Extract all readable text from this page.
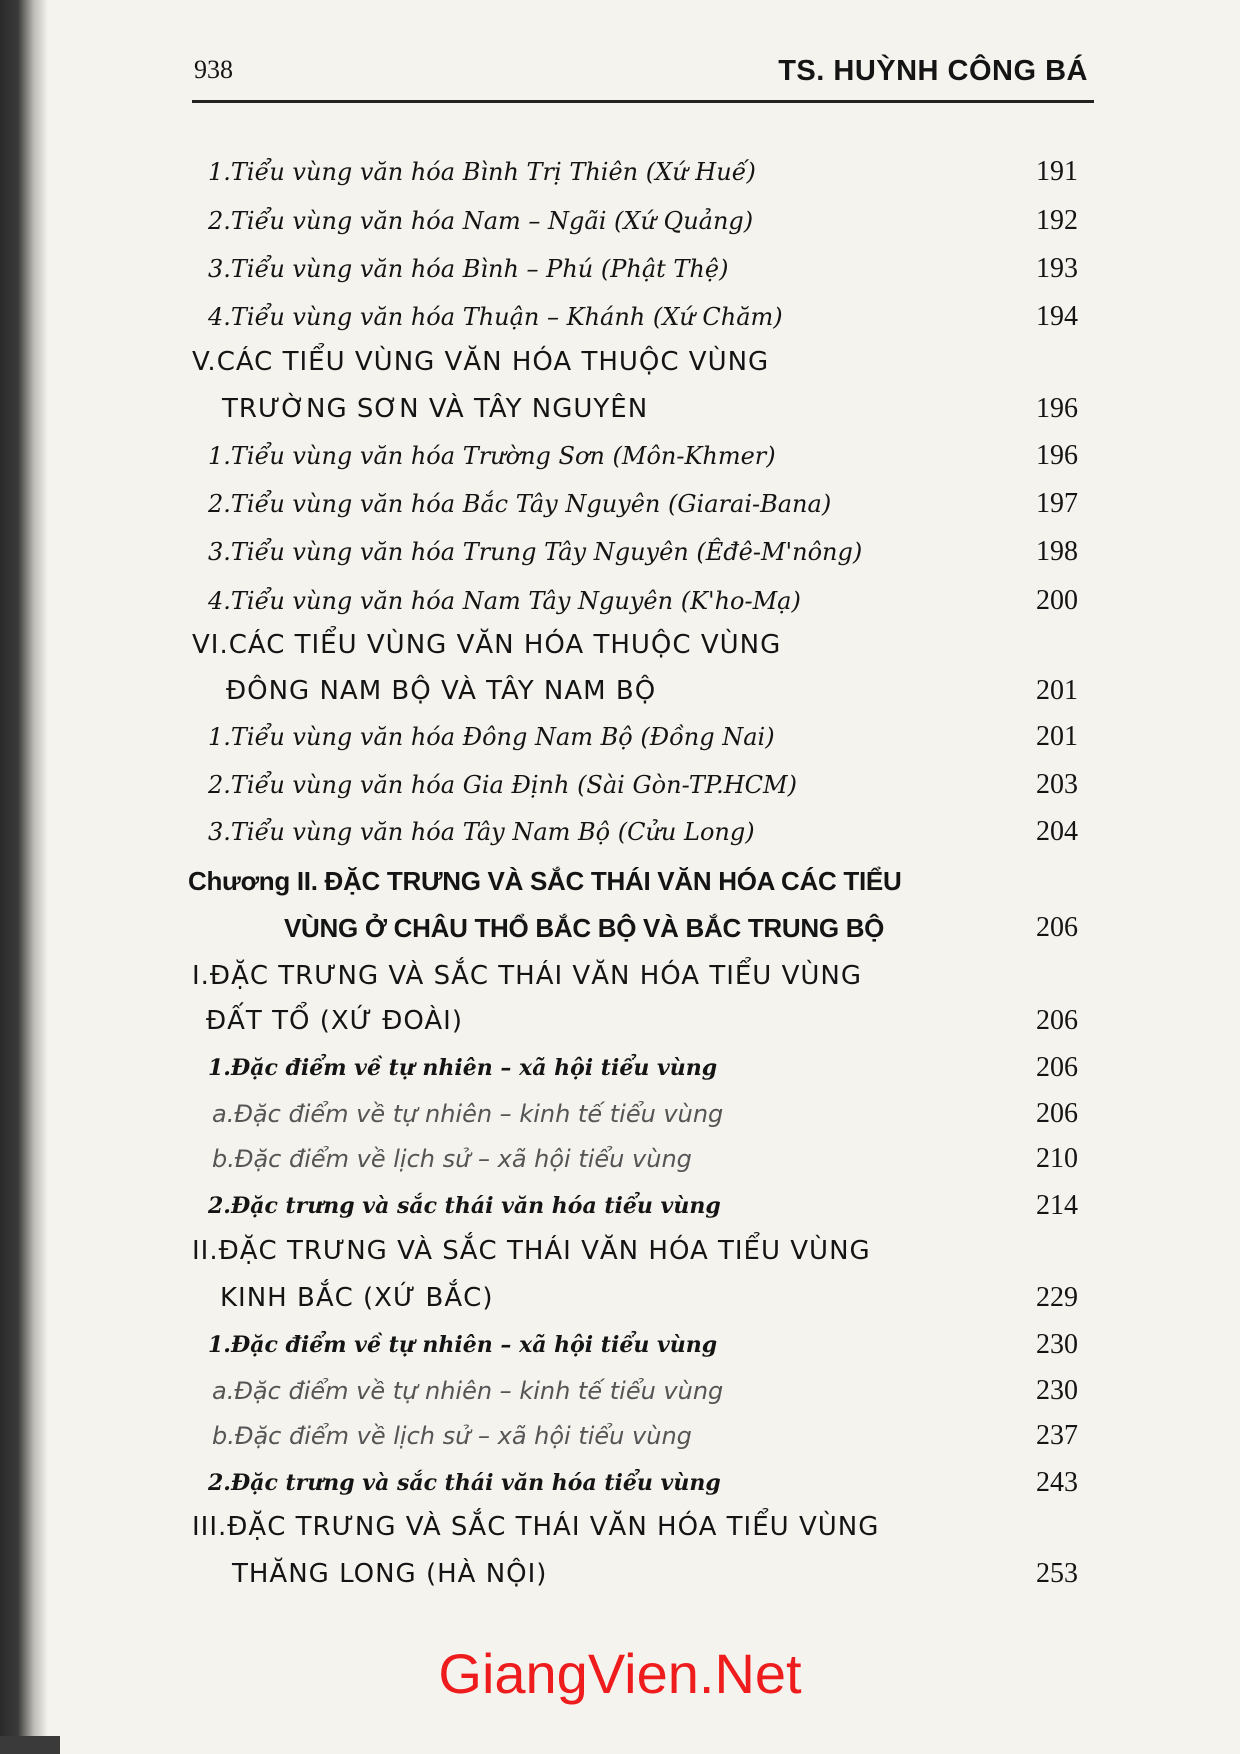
938	TS. HUỲNH CÔNG BÁ
1.Tiểu vùng văn hóa Bình Trị Thiên (Xứ Huế)	191
2.Tiểu vùng văn hóa Nam – Ngãi (Xứ Quảng)	192
3.Tiểu vùng văn hóa Bình – Phú (Phật Thệ)	193
4.Tiểu vùng văn hóa Thuận – Khánh (Xứ Chăm)	194
V.CÁC TIỂU VÙNG VĂN HÓA THUỘC VÙNG
TRƯỜNG SƠN VÀ TÂY NGUYÊN	196
1.Tiểu vùng văn hóa Trường Sơn (Môn-Khmer)	196
2.Tiểu vùng văn hóa Bắc Tây Nguyên (Giarai-Bana)	197
3.Tiểu vùng văn hóa Trung Tây Nguyên (Êđê-M'nông)	198
4.Tiểu vùng văn hóa Nam Tây Nguyên (K'ho-Mạ)	200
VI.CÁC TIỂU VÙNG VĂN HÓA THUỘC VÙNG
ĐÔNG NAM BỘ VÀ TÂY NAM BỘ	201
1.Tiểu vùng văn hóa Đông Nam Bộ (Đồng Nai)	201
2.Tiểu vùng văn hóa Gia Định (Sài Gòn-TP.HCM)	203
3.Tiểu vùng văn hóa Tây Nam Bộ (Cửu Long)	204
Chương II. ĐẶC TRƯNG VÀ SẮC THÁI VĂN HÓA CÁC TIỂU
VÙNG Ở CHÂU THỔ BẮC BỘ VÀ BẮC TRUNG BỘ	206
I.ĐẶC TRƯNG VÀ SẮC THÁI VĂN HÓA TIỂU VÙNG
ĐẤT TỔ (XỨ ĐOÀI)	206
1.Đặc điểm về tự nhiên – xã hội tiểu vùng	206
a.Đặc điểm về tự nhiên – kinh tế tiểu vùng	206
b.Đặc điểm về lịch sử – xã hội tiểu vùng	210
2.Đặc trưng và sắc thái văn hóa tiểu vùng	214
II.ĐẶC TRƯNG VÀ SẮC THÁI VĂN HÓA TIỂU VÙNG
KINH BẮC (XỨ BẮC)	229
1.Đặc điểm về tự nhiên – xã hội tiểu vùng	230
a.Đặc điểm về tự nhiên – kinh tế tiểu vùng	230
b.Đặc điểm về lịch sử – xã hội tiểu vùng	237
2.Đặc trưng và sắc thái văn hóa tiểu vùng	243
III.ĐẶC TRƯNG VÀ SẮC THÁI VĂN HÓA TIỂU VÙNG
THĂNG LONG (HÀ NỘI)	253
GiangVien.Net
